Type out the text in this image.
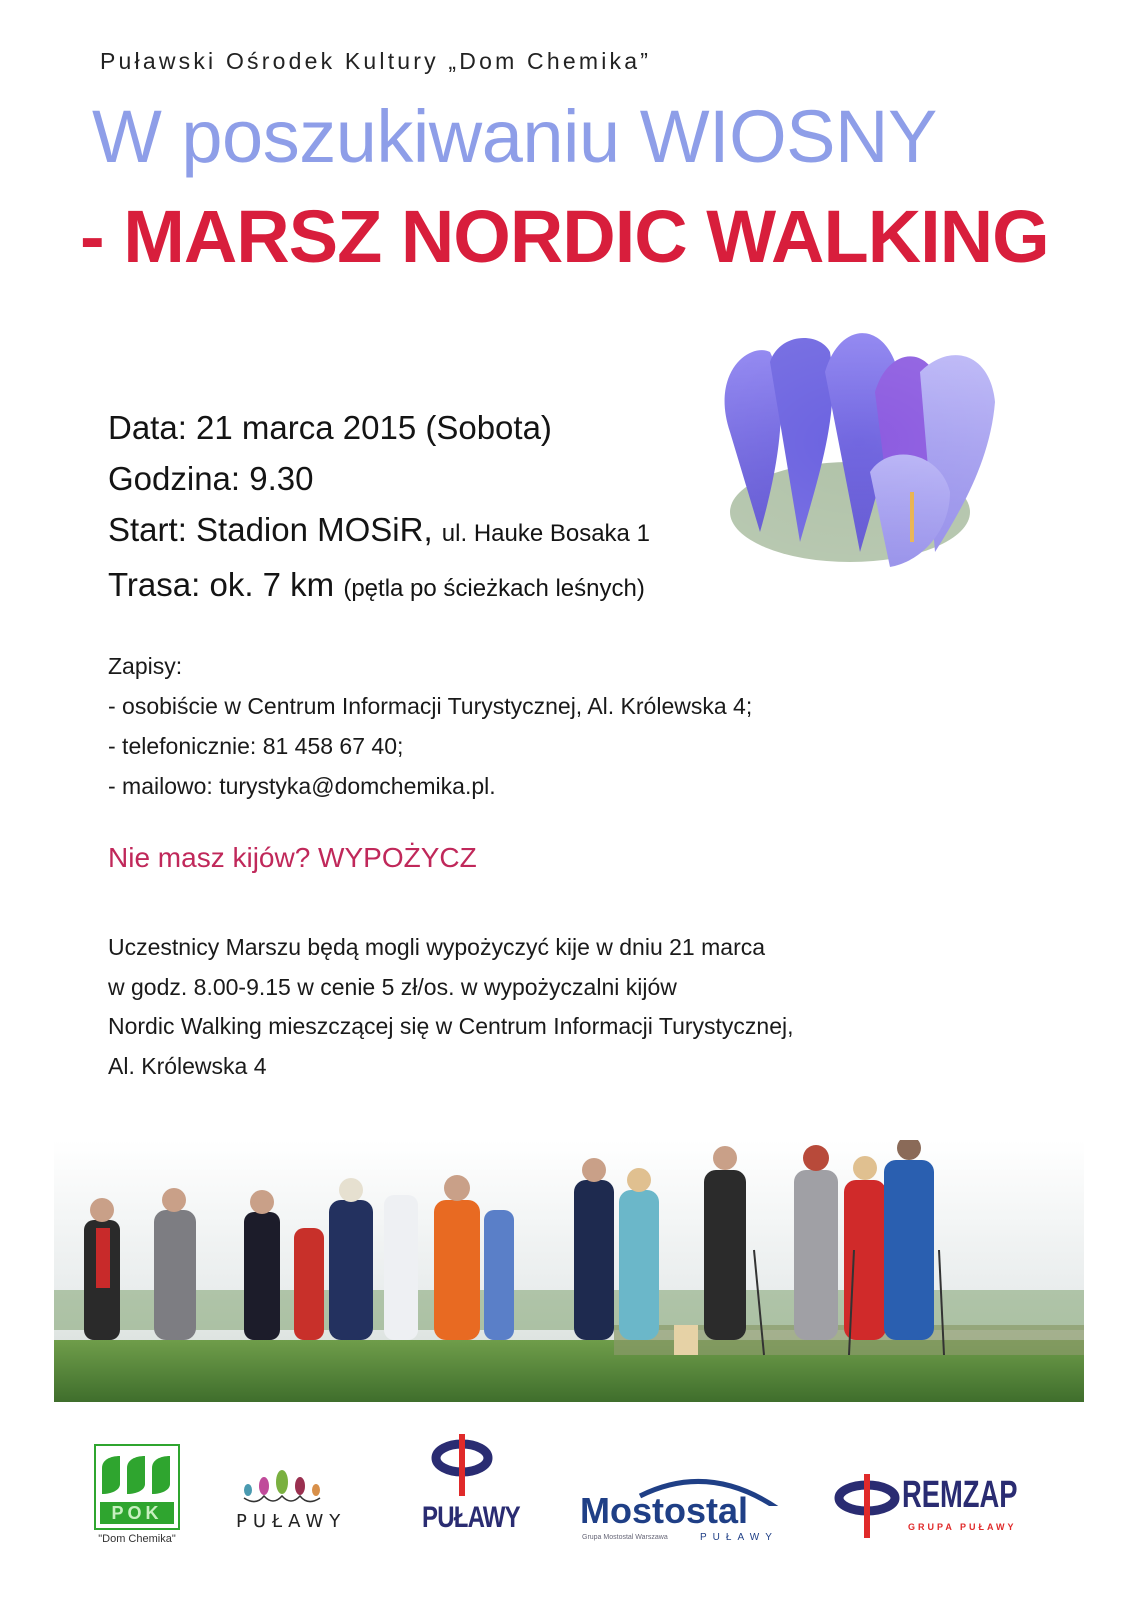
Puławski Ośrodek Kultury „Dom Chemika”
W poszukiwaniu WIOSNY
- MARSZ NORDIC WALKING
Data: 21 marca 2015 (Sobota)
Godzina: 9.30
Start: Stadion MOSiR, ul. Hauke Bosaka 1
Trasa: ok. 7 km (pętla po ścieżkach leśnych)
Zapisy:
- osobiście w Centrum Informacji Turystycznej, Al. Królewska 4;
- telefonicznie: 81 458 67 40;
- mailowo: turystyka@domchemika.pl.
Nie masz kijów? WYPOŻYCZ
Uczestnicy Marszu będą mogli wypożyczyć kije w dniu 21 marca
w godz. 8.00-9.15 w cenie 5 zł/os. w wypożyczalni kijów
Nordic Walking mieszczącej się w Centrum Informacji Turystycznej,
Al. Królewska 4
POK
"Dom Chemika"
PUŁAWY	PUŁAWY Mostostal
Grupa Mostostal Warszawa	PUŁAWY
REMZAP
GRUPA PUŁAWY
